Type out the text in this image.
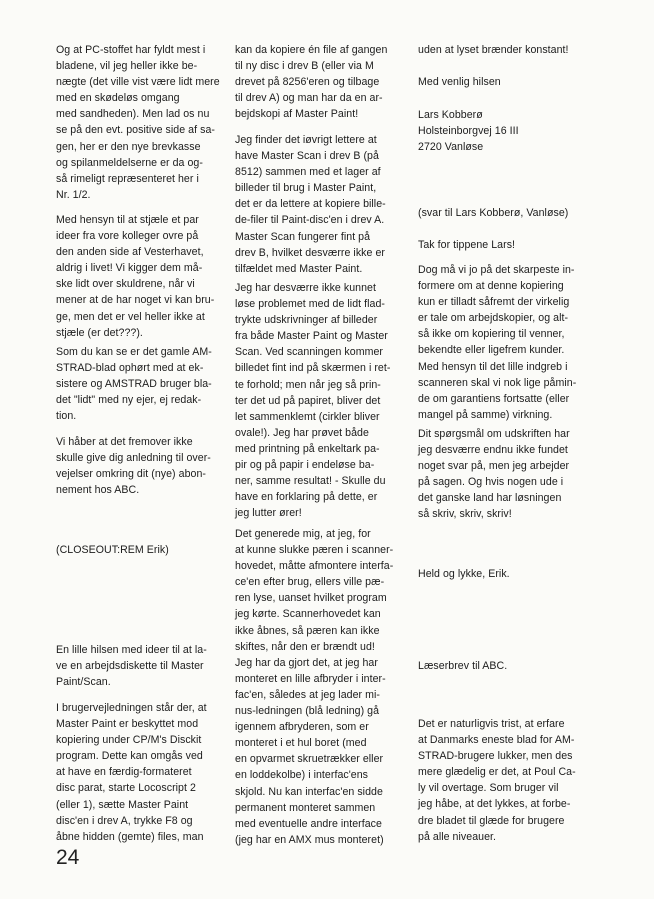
Og at PC-stoffet har fyldt mest i
bladene, vil jeg heller ikke be-
nægte (det ville vist være lidt mere
med en skødeløs omgang
med sandheden). Men lad os nu
se på den evt. positive side af sa-
gen, her er den nye brevkasse
og spilanmeldelserne er da og-
så rimeligt repræsenteret her i
Nr. 1/2.

Med hensyn til at stjæle et par
ideer fra vore kolleger ovre på
den anden side af Vesterhavet,
aldrig i livet! Vi kigger dem må-
ske lidt over skuldrene, når vi
mener at de har noget vi kan bru-
ge, men det er vel heller ikke at
stjæle (er det???).

Som du kan se er det gamle AM-
STRAD-blad ophørt med at ek-
sistere og AMSTRAD bruger bla-
det "lidt" med ny ejer, ej redak-
tion.

Vi håber at det fremover ikke
skulle give dig anledning til over-
vejelser omkring dit (nye) abon-
nement hos ABC.

(CLOSEOUT:REM Erik)

En lille hilsen med ideer til at la-
ve en arbejdsdiskette til Master
Paint/Scan.

I brugervejledningen står der, at
Master Paint er beskyttet mod
kopiering under CP/M's Disckit
program. Dette kan omgås ved
at have en færdig-formateret
disc parat, starte Locoscript 2
(eller 1), sætte Master Paint
disc'en i drev A, trykke F8 og
åbne hidden (gemte) files, man

kan da kopiere én file af gangen
til ny disc i drev B (eller via M
drevet på 8256'eren og tilbage
til drev A) og man har da en ar-
bejdskopi af Master Paint!

Jeg finder det iøvrigt lettere at
have Master Scan i drev B (på
8512) sammen med et lager af
billeder til brug i Master Paint,
det er da lettere at kopiere bille-
de-filer til Paint-disc'en i drev A.
Master Scan fungerer fint på
drev B, hvilket desværre ikke er
tilfældet med Master Paint.

Jeg har desværre ikke kunnet
løse problemet med de lidt flad-
trykte udskrivninger af billeder
fra både Master Paint og Master
Scan. Ved scanningen kommer
billedet fint ind på skærmen i ret-
te forhold; men når jeg så prin-
ter det ud på papiret, bliver det
let sammenklemt (cirkler bliver
ovale!). Jeg har prøvet både
med printning på enkeltark pa-
pir og på papir i endeløse ba-
ner, samme resultat! - Skulle du
have en forklaring på dette, er
jeg lutter ører!

Det generede mig, at jeg, for
at kunne slukke pæren i scanner-
hovedet, måtte afmontere interfa-
ce'en efter brug, ellers ville pæ-
ren lyse, uanset hvilket program
jeg kørte. Scannerhovedet kan
ikke åbnes, så pæren kan ikke
skiftes, når den er brændt ud!
Jeg har da gjort det, at jeg har
monteret en lille afbryder i inter-
fac'en, således at jeg lader mi-
nus-ledningen (blå ledning) gå
igennem afbryderen, som er
monteret i et hul boret (med
en opvarmet skruetrækker eller
en loddekolbe) i interfac'ens
skjold. Nu kan interfac'en sidde
permanent monteret sammen
med eventuelle andre interface
(jeg har en AMX mus monteret)

uden at lyset brænder konstant!

Med venlig hilsen

Lars Kobberø
Holsteinborgvej 16 III
2720 Vanløse

(svar til Lars Kobberø, Vanløse)

Tak for tippene Lars!

Dog må vi jo på det skarpeste in-
formere om at denne kopiering
kun er tilladt såfremt der virkelig
er tale om arbejdskopier, og alt-
så ikke om kopiering til venner,
bekendte eller ligefrem kunder.
Med hensyn til det lille indgreb i
scanneren skal vi nok lige påmin-
de om garantiens fortsatte (eller
mangel på samme) virkning.

Dit spørgsmål om udskriften har
jeg desværre endnu ikke fundet
noget svar på, men jeg arbejder
på sagen. Og hvis nogen ude i
det ganske land har løsningen
så skriv, skriv, skriv!

Held og lykke, Erik.

Læserbrev til ABC.

Det er naturligvis trist, at erfare
at Danmarks eneste blad for AM-
STRAD-brugere lukker, men des
mere glædelig er det, at Poul Ca-
ly vil overtage. Som bruger vil
jeg håbe, at det lykkes, at forbe-
dre bladet til glæde for brugere
på alle niveauer.

24
